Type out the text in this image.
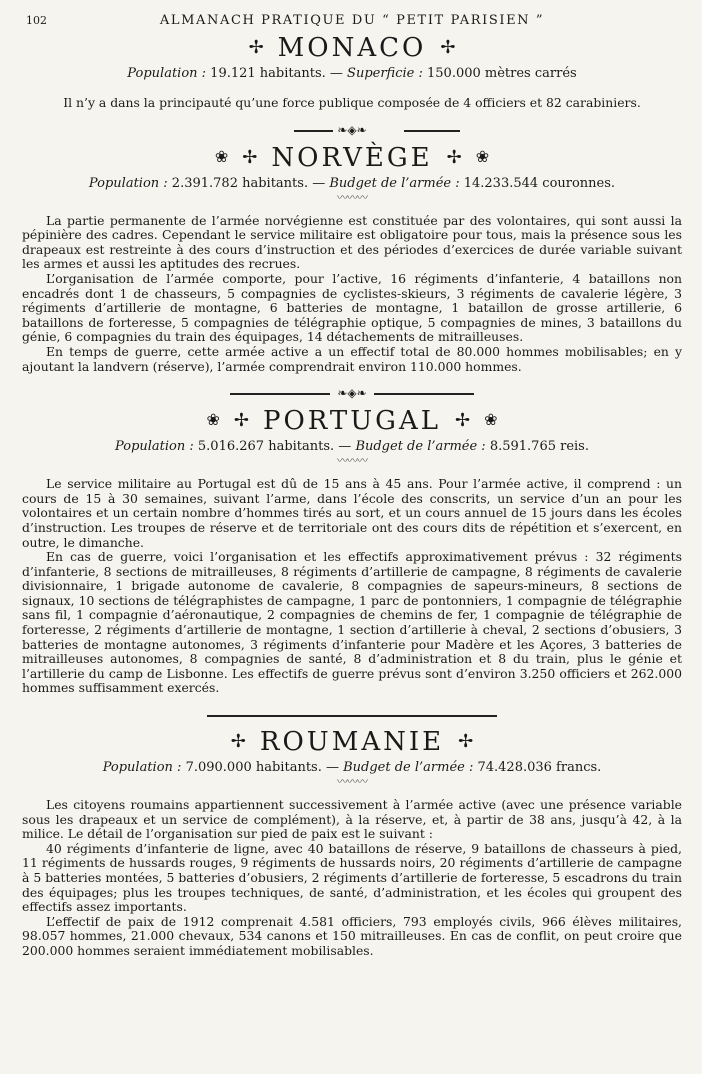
102	ALMANACH PRATIQUE DU “ PETIT PARISIEN ”
✢ MONACO ✢
Population : 19.121 habitants. — Superficie : 150.000 mètres carrés

Il n’y a dans la principauté qu’une force publique composée de 4 officiers et 82 carabiniers.

❧◈❧
❀ ✢ NORVÈGE ✢ ❀
Population : 2.391.782 habitants. — Budget de l’armée : 14.233.544 couronnes.
〰〰〰

La partie permanente de l’armée norvégienne est constituée par des volontaires, qui sont aussi la pépinière des cadres. Cependant le service militaire est obligatoire pour tous, mais la présence sous les drapeaux est restreinte à des cours d’instruction et des périodes d’exercices de durée variable suivant les armes et aussi les aptitudes des recrues.

L’organisation de l’armée comporte, pour l’active, 16 régiments d’infanterie, 4 bataillons non encadrés dont 1 de chasseurs, 5 compagnies de cyclistes-skieurs, 3 régiments de cavalerie légère, 3 régiments d’artillerie de montagne, 6 batteries de montagne, 1 bataillon de grosse artillerie, 6 bataillons de forteresse, 5 compagnies de télégraphie optique, 5 compagnies de mines, 3 bataillons du génie, 6 compagnies du train des équipages, 14 détachements de mitrailleuses.

En temps de guerre, cette armée active a un effectif total de 80.000 hommes mobilisables; en y ajoutant la landvern (réserve), l’armée comprendrait environ 110.000 hommes.

❧◈❧
❀ ✢ PORTUGAL ✢ ❀
Population : 5.016.267 habitants. — Budget de l’armée : 8.591.765 reis.
〰〰〰

Le service militaire au Portugal est dû de 15 ans à 45 ans. Pour l’armée active, il comprend : un cours de 15 à 30 semaines, suivant l’arme, dans l’école des conscrits, un service d’un an pour les volontaires et un certain nombre d’hommes tirés au sort, et un cours annuel de 15 jours dans les écoles d’instruction. Les troupes de réserve et de territoriale ont des cours dits de répétition et s’exercent, en outre, le dimanche.

En cas de guerre, voici l’organisation et les effectifs approximativement prévus : 32 régiments d’infanterie, 8 sections de mitrailleuses, 8 régiments d’artillerie de campagne, 8 régiments de cavalerie divisionnaire, 1 brigade autonome de cavalerie, 8 compagnies de sapeurs-mineurs, 8 sections de signaux, 10 sections de télégraphistes de campagne, 1 parc de pontonniers, 1 compagnie de télégraphie sans fil, 1 compagnie d’aéronautique, 2 compagnies de chemins de fer, 1 compagnie de télégraphie de forteresse, 2 régiments d’artillerie de montagne, 1 section d’artillerie à cheval, 2 sections d’obusiers, 3 batteries de montagne autonomes, 3 régiments d’infanterie pour Madère et les Açores, 3 batteries de mitrailleuses autonomes, 8 compagnies de santé, 8 d’administration et 8 du train, plus le génie et l’artillerie du camp de Lisbonne. Les effectifs de guerre prévus sont d’environ 3.250 officiers et 262.000 hommes suffisamment exercés.

✢ ROUMANIE ✢
Population : 7.090.000 habitants. — Budget de l’armée : 74.428.036 francs.
〰〰〰

Les citoyens roumains appartiennent successivement à l’armée active (avec une présence variable sous les drapeaux et un service de complément), à la réserve, et, à partir de 38 ans, jusqu’à 42, à la milice. Le détail de l’organisation sur pied de paix est le suivant :

40 régiments d’infanterie de ligne, avec 40 bataillons de réserve, 9 bataillons de chasseurs à pied, 11 régiments de hussards rouges, 9 régiments de hussards noirs, 20 régiments d’artillerie de campagne à 5 batteries montées, 5 batteries d’obusiers, 2 régiments d’artillerie de forteresse, 5 escadrons du train des équipages; plus les troupes techniques, de santé, d’administration, et les écoles qui groupent des effectifs assez importants.

L’effectif de paix de 1912 comprenait 4.581 officiers, 793 employés civils, 966 élèves militaires, 98.057 hommes, 21.000 chevaux, 534 canons et 150 mitrailleuses. En cas de conflit, on peut croire que 200.000 hommes seraient immédiatement mobilisables.
